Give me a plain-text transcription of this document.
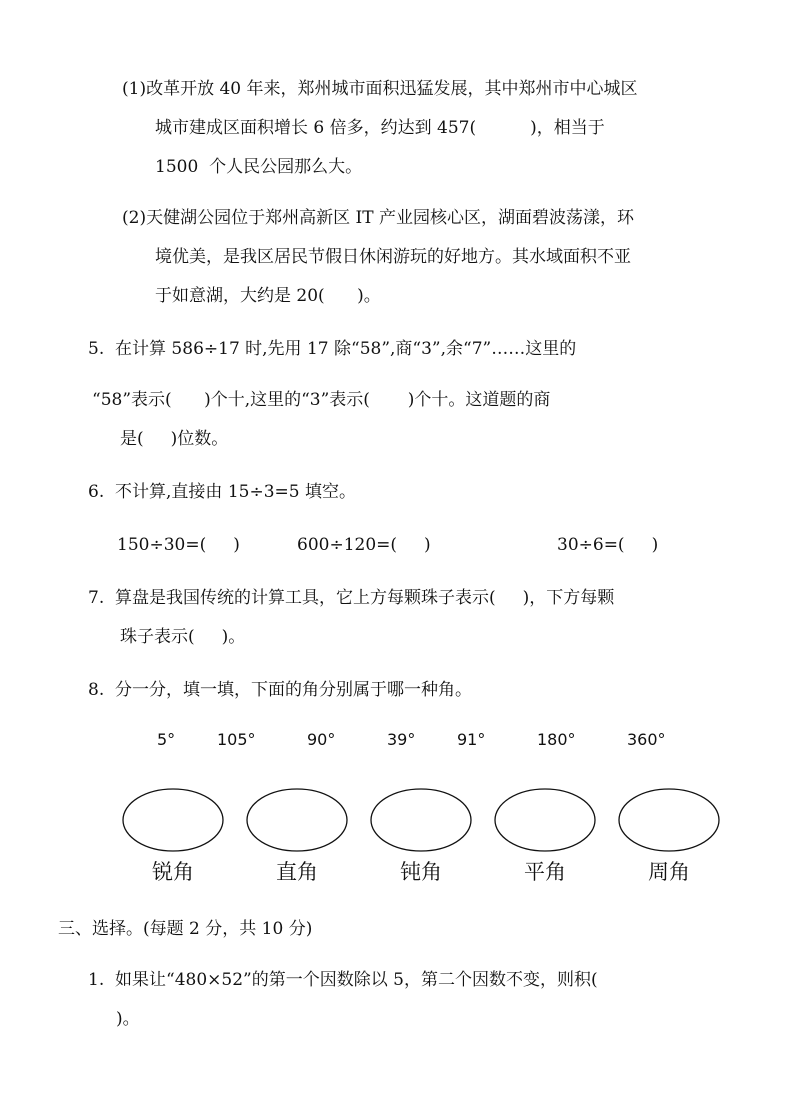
(1)改革开放 40 年来，郑州城市面积迅猛发展，其中郑州市中心城区
城市建成区面积增长 6 倍多，约达到 457(          )，相当于
1500  个人民公园那么大。
(2)天健湖公园位于郑州高新区 IT 产业园核心区，湖面碧波荡漾，环
境优美，是我区居民节假日休闲游玩的好地方。其水域面积不亚
于如意湖，大约是 20(      )。
5.  在计算 586÷17 时,先用 17 除“58”,商“3”,余“7”……这里的
“58”表示(      )个十,这里的“3”表示(       )个十。这道题的商
是(     )位数。
6.  不计算,直接由 15÷3=5 填空。
150÷30=(     )	600÷120=(     )	30÷6=(     )
7.  算盘是我国传统的计算工具，它上方每颗珠子表示(     )，下方每颗
珠子表示(     )。
8.  分一分，填一填，下面的角分别属于哪一种角。
5°	105°	90°	39°	91°	180°	360°
锐角	直角	钝角	平角	周角
三、选择。(每题 2 分，共 10 分)
1.  如果让“480×52”的第一个因数除以 5，第二个因数不变，则积(
)。
